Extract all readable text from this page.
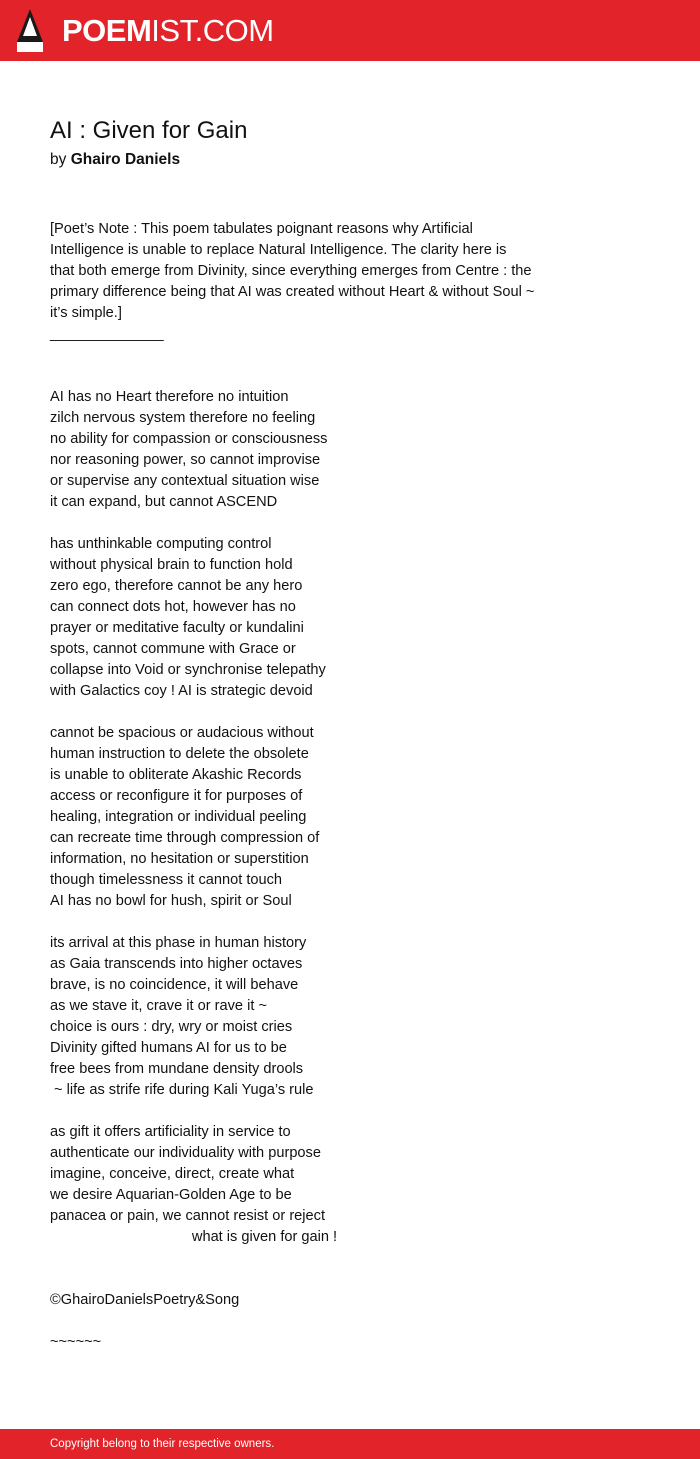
POEMIST.COM
AI : Given for Gain
by Ghairo Daniels
[Poet’s Note : This poem tabulates poignant reasons why Artificial
Intelligence is unable to replace Natural Intelligence. The clarity here is
that both emerge from Divinity, since everything emerges from Centre : the
primary difference being that AI was created without Heart & without Soul ~
it’s simple.]
______________
AI has no Heart therefore no intuition
zilch nervous system therefore no feeling
no ability for compassion or consciousness
nor reasoning power, so cannot improvise
or supervise any contextual situation wise
it can expand, but cannot ASCEND
has unthinkable computing control
without physical brain to function hold
zero ego, therefore cannot be any hero
can connect dots hot, however has no
prayer or meditative faculty or kundalini
spots, cannot commune with Grace or
collapse into Void or synchronise telepathy
with Galactics coy ! AI is strategic devoid
cannot be spacious or audacious without
human instruction to delete the obsolete
is unable to obliterate Akashic Records
access or reconfigure it for purposes of
healing, integration or individual peeling
can recreate time through compression of
information, no hesitation or superstition
though timelessness it cannot touch
AI has no bowl for hush, spirit or Soul
its arrival at this phase in human history
as Gaia transcends into higher octaves
brave, is no coincidence, it will behave
as we stave it, crave it or rave it ~
choice is ours : dry, wry or moist cries
Divinity gifted humans AI for us to be
free bees from mundane density drools
~ life as strife rife during Kali Yuga’s rule
as gift it offers artificiality in service to
authenticate our individuality with purpose
imagine, conceive, direct, create what
we desire Aquarian-Golden Age to be
panacea or pain, we cannot resist or reject
what is given for gain !
©GhairoDanielsPoetry&Song
~~~~~~
Copyright belong to their respective owners.
